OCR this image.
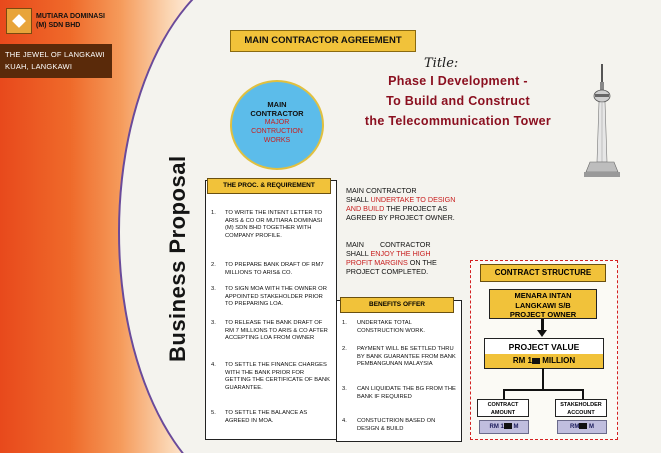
MUTIARA DOMINASI
(M) SDN BHD
THE JEWEL OF LANGKAWI
KUAH, LANGKAWI
Business Proposal
MAIN CONTRACTOR AGREEMENT
Title:
Phase I Development -
To Build and Construct
the Telecommunication Tower
MAIN
CONTRACTOR
MAJOR
CONTRUCTION
WORKS
THE PROC. & REQUIREMENT
1. TO WRITE THE INTENT LETTER TO ARIS & CO OR MUTIARA DOMINASI (M) SDN BHD TOGETHER WITH COMPANY PROFILE.
2. TO PREPARE BANK DRAFT OF RM7 MILLIONS TO ARIS& CO.
3. TO SIGN MOA WITH THE OWNER OR APPOINTED STAKEHOLDER PRIOR TO PREPARING LOA.
3. TO RELEASE THE BANK DRAFT OF RM 7 MILLIONS TO ARIS & CO AFTER ACCEPTING LOA FROM OWNER
4. TO SETTLE THE FINANCE CHARGES WITH THE BANK PRIOR FOR GETTING THE CERTIFICATE OF BANK GUARANTEE.
5. TO SETTLE THE BALANCE AS AGREED IN MOA.
MAIN CONTRACTOR
SHALL UNDERTAKE TO DESIGN AND BUILD THE PROJECT AS AGREED BY PROJECT OWNER.
MAIN        CONTRACTOR
SHALL ENJOY THE HIGH PROFIT MARGINS ON THE PROJECT COMPLETED.
BENEFITS OFFER
1. UNDERTAKE TOTAL CONSTRUCTION WORK.
2. PAYMENT WILL BE SETTLED THRU BY BANK GUARANTEE FROM BANK PEMBANGUNAN MALAYSIA
3. CAN LIQUIDATE THE BG FROM THE BANK IF REQUIRED
4. CONSTUCTRION BASED ON DESIGN & BUILD
CONTRACT STRUCTURE
MENARA INTAN
LANGKAWI S/B
PROJECT OWNER
PROJECT VALUE
RM 1 MILLION
CONTRACT
AMOUNT
RM 1 M
STAKEHOLDER
ACCOUNT
RM M
